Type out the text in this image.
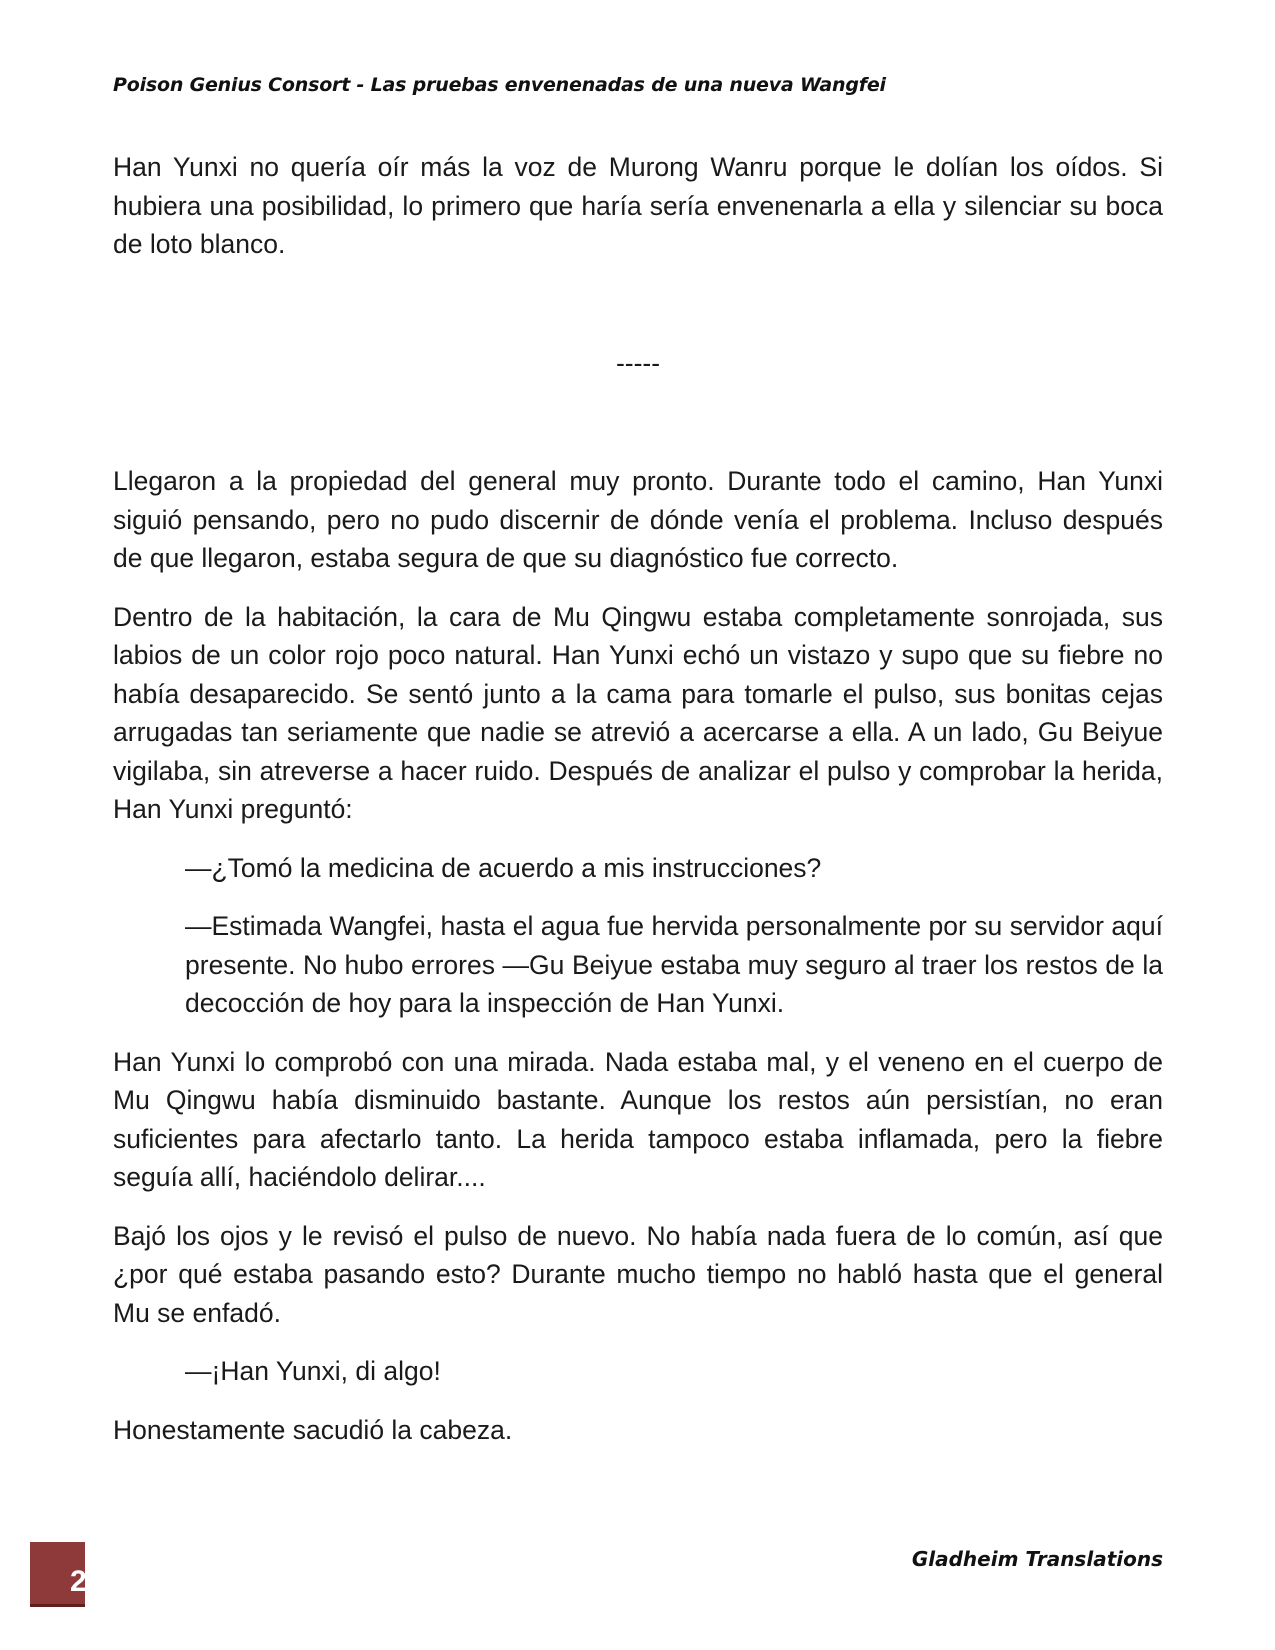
Poison Genius Consort - Las pruebas envenenadas de una nueva Wangfei

Han Yunxi no quería oír más la voz de Murong Wanru porque le dolían los oídos. Si hubiera una posibilidad, lo primero que haría sería envenenarla a ella y silenciar su boca de loto blanco.

-----

Llegaron a la propiedad del general muy pronto. Durante todo el camino, Han Yunxi siguió pensando, pero no pudo discernir de dónde venía el problema. Incluso después de que llegaron, estaba segura de que su diagnóstico fue correcto.

Dentro de la habitación, la cara de Mu Qingwu estaba completamente sonrojada, sus labios de un color rojo poco natural. Han Yunxi echó un vistazo y supo que su fiebre no había desaparecido. Se sentó junto a la cama para tomarle el pulso, sus bonitas cejas arrugadas tan seriamente que nadie se atrevió a acercarse a ella. A un lado, Gu Beiyue vigilaba, sin atreverse a hacer ruido. Después de analizar el pulso y comprobar la herida, Han Yunxi preguntó:

—¿Tomó la medicina de acuerdo a mis instrucciones?

—Estimada Wangfei, hasta el agua fue hervida personalmente por su servidor aquí presente. No hubo errores —Gu Beiyue estaba muy seguro al traer los restos de la decocción de hoy para la inspección de Han Yunxi.

Han Yunxi lo comprobó con una mirada. Nada estaba mal, y el veneno en el cuerpo de Mu Qingwu había disminuido bastante. Aunque los restos aún persistían, no eran suficientes para afectarlo tanto. La herida tampoco estaba inflamada, pero la fiebre seguía allí, haciéndolo delirar....

Bajó los ojos y le revisó el pulso de nuevo. No había nada fuera de lo común, así que ¿por qué estaba pasando esto? Durante mucho tiempo no habló hasta que el general Mu se enfadó.

—¡Han Yunxi, di algo!

Honestamente sacudió la cabeza.

2
Gladheim Translations
